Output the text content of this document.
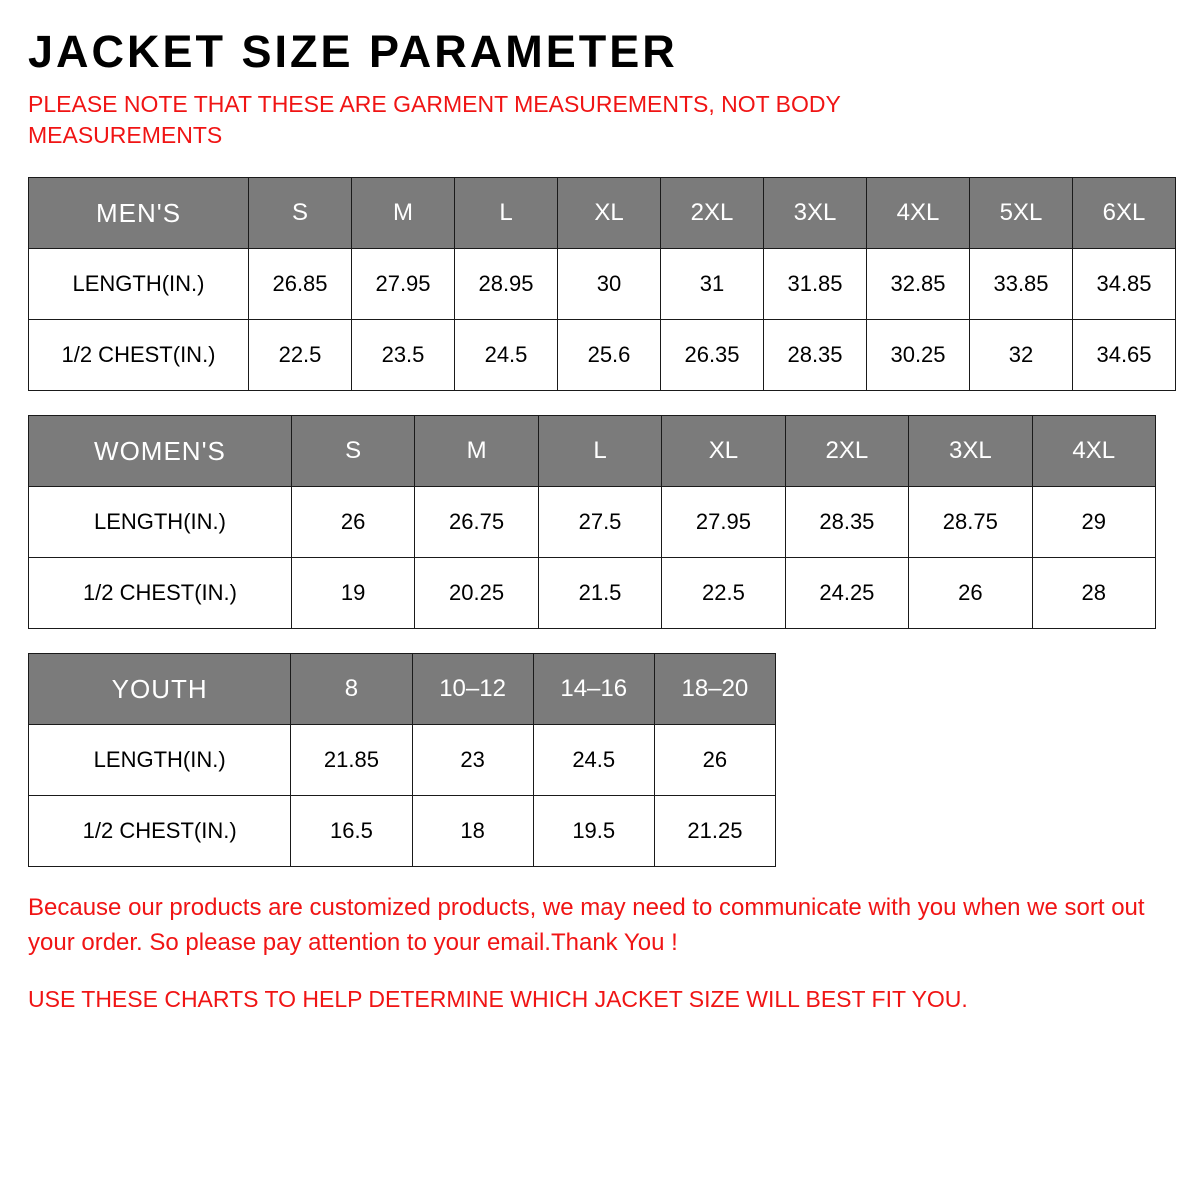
JACKET SIZE PARAMETER

PLEASE NOTE THAT THESE ARE GARMENT MEASUREMENTS, NOT BODY MEASUREMENTS

MEN'S	S	M	L	XL	2XL	3XL	4XL	5XL	6XL
LENGTH(IN.)	26.85	27.95	28.95	30	31	31.85	32.85	33.85	34.85
1/2 CHEST(IN.)	22.5	23.5	24.5	25.6	26.35	28.35	30.25	32	34.65
WOMEN'S	S	M	L	XL	2XL	3XL	4XL
LENGTH(IN.)	26	26.75	27.5	27.95	28.35	28.75	29
1/2 CHEST(IN.)	19	20.25	21.5	22.5	24.25	26	28
YOUTH	8	10–12	14–16	18–20
LENGTH(IN.)	21.85	23	24.5	26
1/2 CHEST(IN.)	16.5	18	19.5	21.25

Because our products are customized products, we may need to communicate with you when we sort out your order. So please pay attention to your email.Thank You !

USE THESE CHARTS TO HELP DETERMINE WHICH JACKET SIZE WILL BEST FIT YOU.
